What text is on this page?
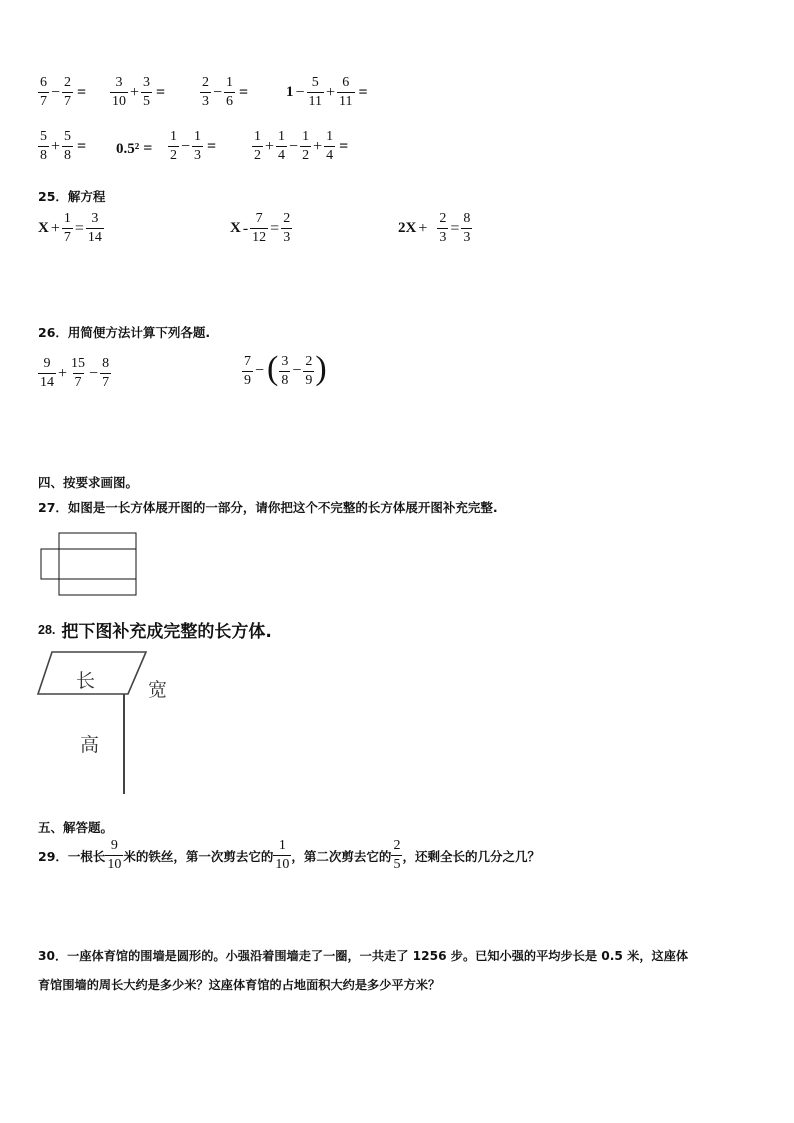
$\frac{6}{7} - \frac{2}{7} = \frac{3}{10} + \frac{3}{5} = \frac{2}{3} - \frac{1}{6}$ =	$1 - \frac{5}{11} + \frac{6}{11}$ =
$\frac{5}{8} + \frac{5}{8} = 0.5^2 = \frac{1}{2} - \frac{1}{3}$ =	$\frac{1}{2} + \frac{1}{4} - \frac{1}{2} + \frac{1}{4}$ =
25．解方程
$X + \frac{1}{7} = \frac{3}{14}$	$X - \frac{7}{12} = \frac{2}{3}$	$2X + \frac{2}{3} = \frac{8}{3}$
26．用简便方法计算下列各题.
$\frac{9}{14} + \frac{15}{7} - \frac{8}{7}$	$\frac{7}{9}$ − ( $\frac{3}{8} - \frac{2}{9}$ )
四、按要求画图。
27．如图是一长方体展开图的一部分，请你把这个不完整的长方体展开图补充完整.
28. 把下图补充成完整的长方体.
长	宽
高
五、解答题。
29．一根长 $\frac{9}{10}$ 米的铁丝，第一次剪去它的 $\frac{1}{10}$ ，第二次剪去它的 $\frac{2}{5}$ ，还剩全长的几分之几？
30．一座体育馆的围墙是圆形的。小强沿着围墙走了一圈，一共走了 1256 步。已知小强的平均步长是 0.5 米，这座体
育馆围墙的周长大约是多少米？这座体育馆的占地面积大约是多少平方米？
